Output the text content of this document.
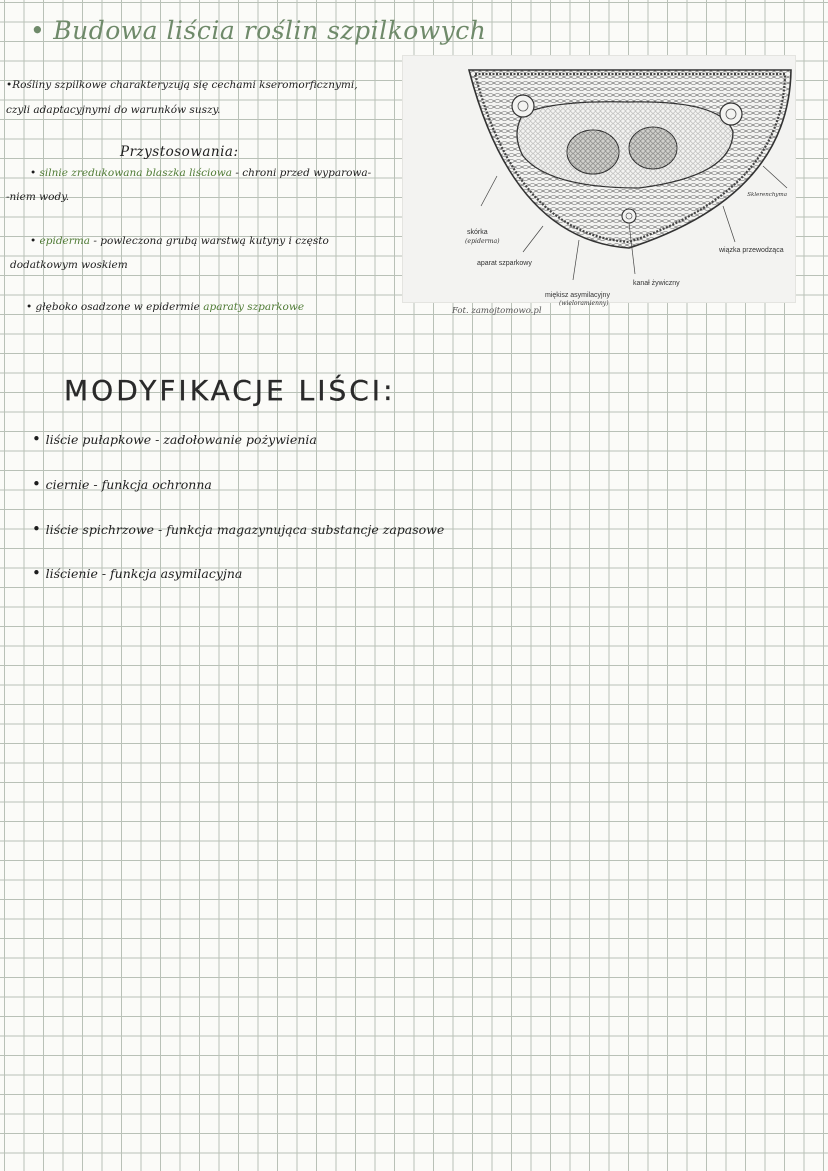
• Budowa liścia roślin szpilkowych
•Rośliny szpilkowe charakteryzują się cechami kseromorficznymi,
czyli adaptacyjnymi do warunków suszy.
Przystosowania:
• silnie zredukowana blaszka liściowa - chroni przed wyparowa-
-niem wody.
• epiderma - powleczona grubą warstwą kutyny i często
dodatkowym woskiem
• głęboko osadzone w epidermie aparaty szparkowe
skórka
(epiderma)
aparat szparkowy
miękisz asymilacyjny
(wieloramienny)
kanał żywiczny
wiązka przewodząca
Sklerenchyma
Fot. zamojtomowo.pl
MODYFIKACJE LIŚCI:
• liście pułapkowe - zadołowanie pożywienia
• cierniе - funkcja ochronna
• liście spichrzowe - funkcja magazynująca substancje zapasowe
• liścienie - funkcja asymilacyjna
